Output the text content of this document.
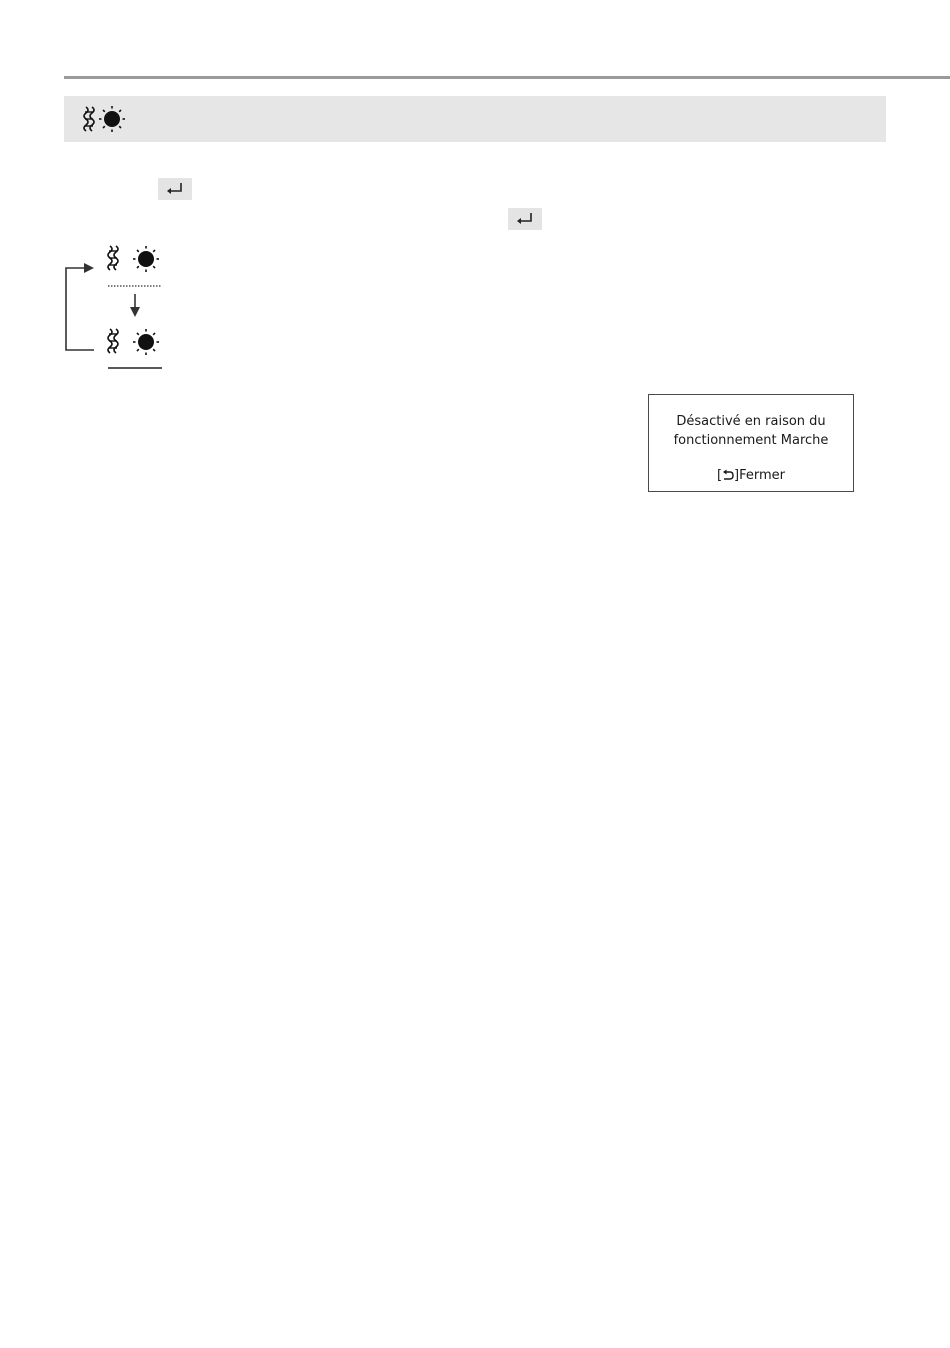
Désactivé en raison du
fonctionnement Marche
[ ]Fermer
